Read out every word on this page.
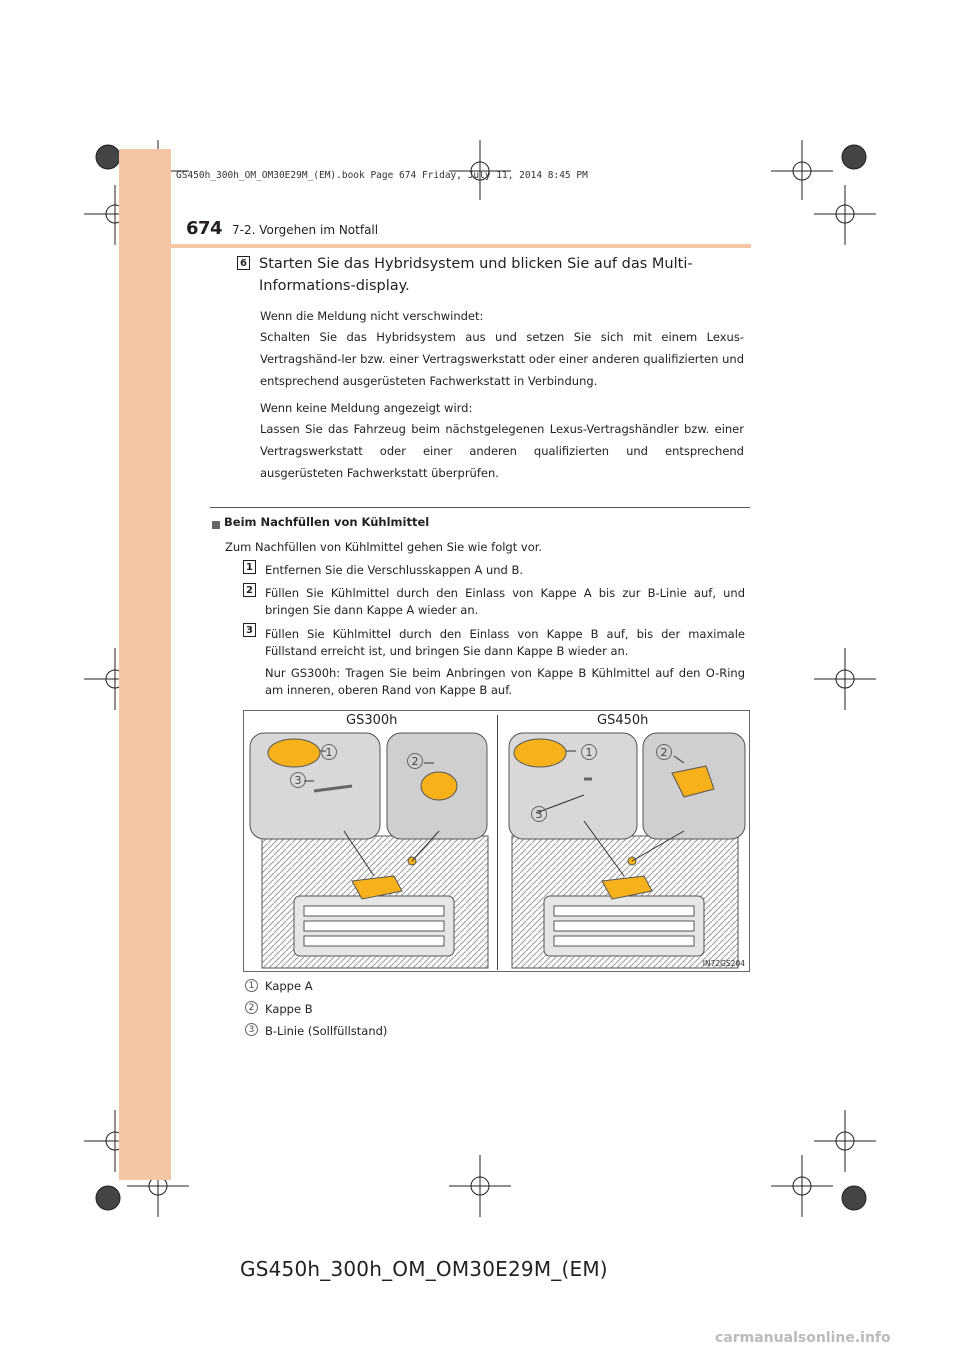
GS450h_300h_OM_OM30E29M_(EM).book Page 674 Friday, July 11, 2014 8:45 PM
674 7-2. Vorgehen im Notfall
6 Starten Sie das Hybridsystem und blicken Sie auf das Multi-Informations-display.
Wenn die Meldung nicht verschwindet:
Schalten Sie das Hybridsystem aus und setzen Sie sich mit einem Lexus-Vertragshänd-ler bzw. einer Vertragswerkstatt oder einer anderen qualifizierten und entsprechend ausgerüsteten Fachwerkstatt in Verbindung.
Wenn keine Meldung angezeigt wird:
Lassen Sie das Fahrzeug beim nächstgelegenen Lexus-Vertragshändler bzw. einer Vertragswerkstatt oder einer anderen qualifizierten und entsprechend ausgerüsteten Fachwerkstatt überprüfen.
Beim Nachfüllen von Kühlmittel
Zum Nachfüllen von Kühlmittel gehen Sie wie folgt vor.
1 Entfernen Sie die Verschlusskappen A und B.
2 Füllen Sie Kühlmittel durch den Einlass von Kappe A bis zur B-Linie auf, und bringen Sie dann Kappe A wieder an.
3 Füllen Sie Kühlmittel durch den Einlass von Kappe B auf, bis der maximale Füllstand erreicht ist, und bringen Sie dann Kappe B wieder an.
Nur GS300h: Tragen Sie beim Anbringen von Kappe B Kühlmittel auf den O-Ring am inneren, oberen Rand von Kappe B auf.
GS300h	GS450h
1
2
3
1	2
3
IN72GS204
1 Kappe A
2 Kappe B
3 B-Linie (Sollfüllstand)
GS450h_300h_OM_OM30E29M_(EM)
carmanualsonline.info
